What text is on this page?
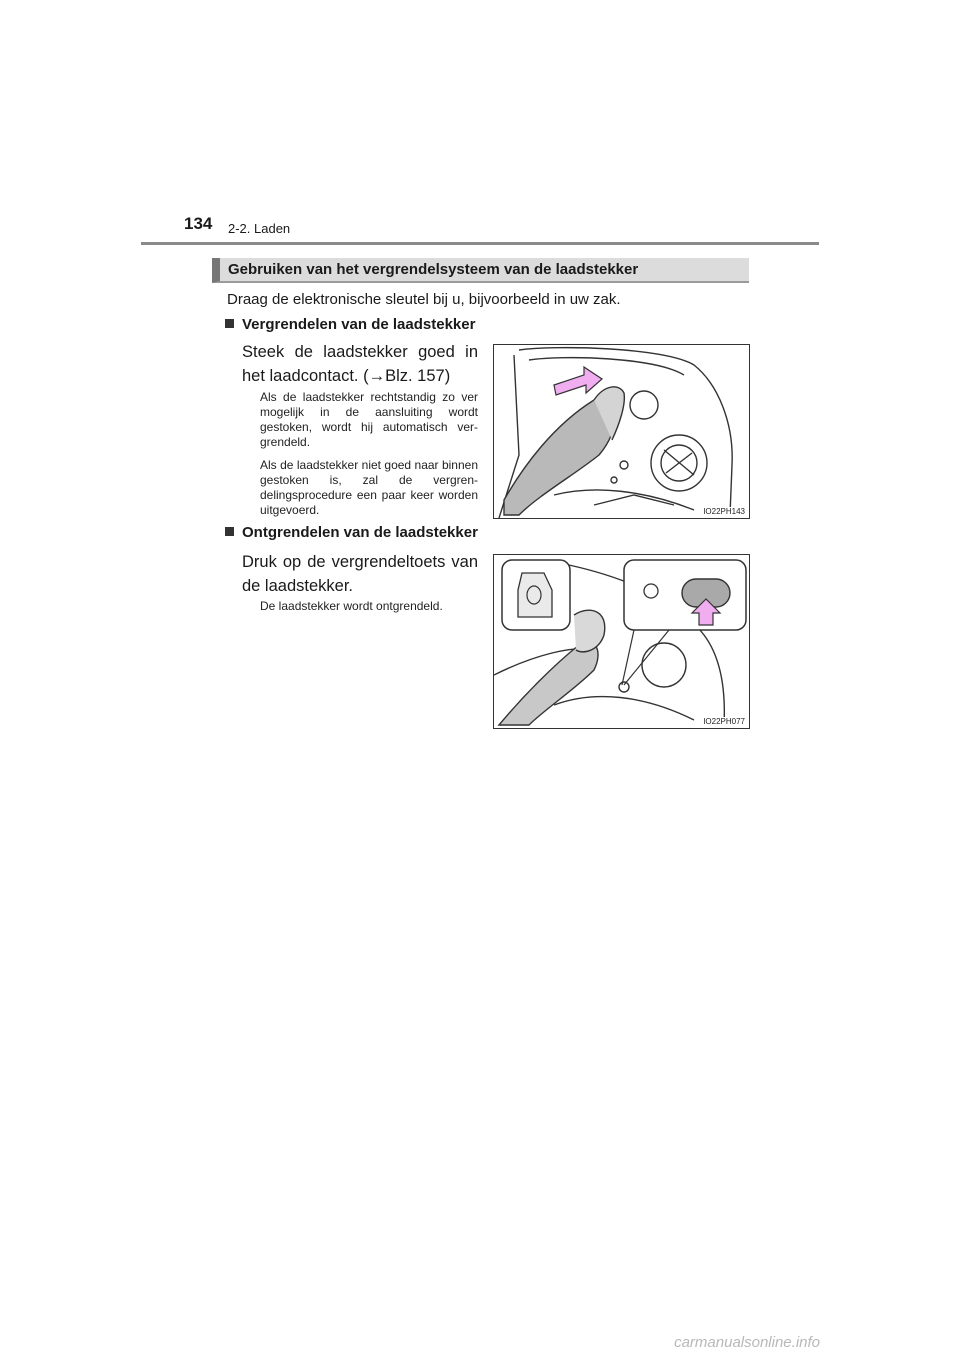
134 2-2. Laden
Gebruiken van het vergrendelsysteem van de laadstekker
Draag de elektronische sleutel bij u, bijvoorbeeld in uw zak.
Vergrendelen van de laadstekker
Steek de laadstekker goed in het laadcontact. (→Blz. 157)
Als de laadstekker rechtstandig zo ver mogelijk in de aansluiting wordt gestoken, wordt hij automatisch ver-grendeld.
Als de laadstekker niet goed naar binnen gestoken is, zal de vergren-delingsprocedure een paar keer worden uitgevoerd.	IO22PH143
Ontgrendelen van de laadstekker
Druk op de vergrendeltoets van de laadstekker.
De laadstekker wordt ontgrendeld.
IO22PH077
carmanualsonline.info
